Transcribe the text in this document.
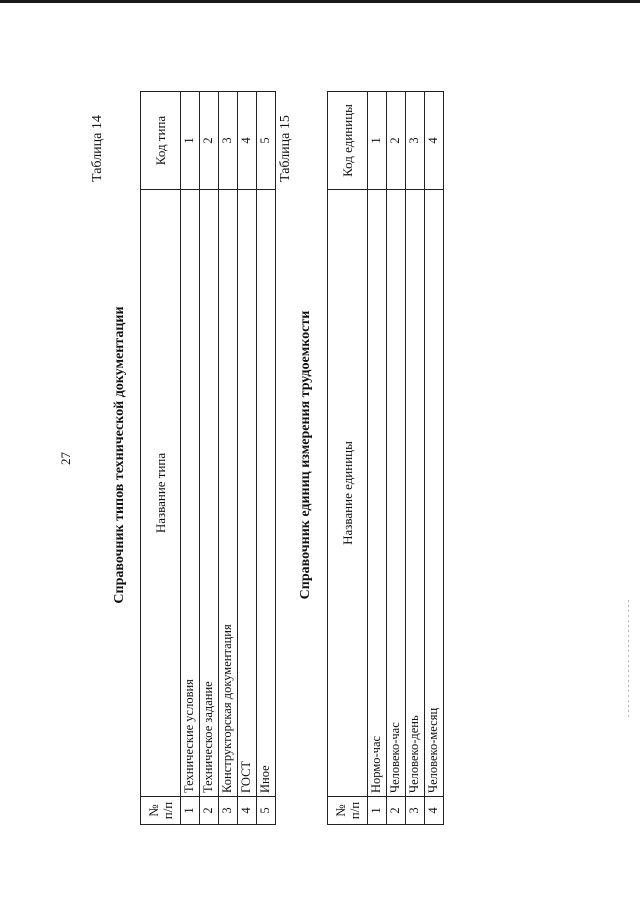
27
Таблица 14
Справочник типов технической документации
№ п/п	Название типа	Код типа
1	Технические условия	1
2	Техническое задание	2
3	Конструкторская документация	3
4	ГОСТ	4
5	Иное	5 Таблица 15
Справочник единиц измерения трудоемкости
№ п/п	Название единицы	Код единицы
1	Нормо-час	1
2	Человеко-час	2
3	Человеко-день	3
4	Человеко-месяц	4
